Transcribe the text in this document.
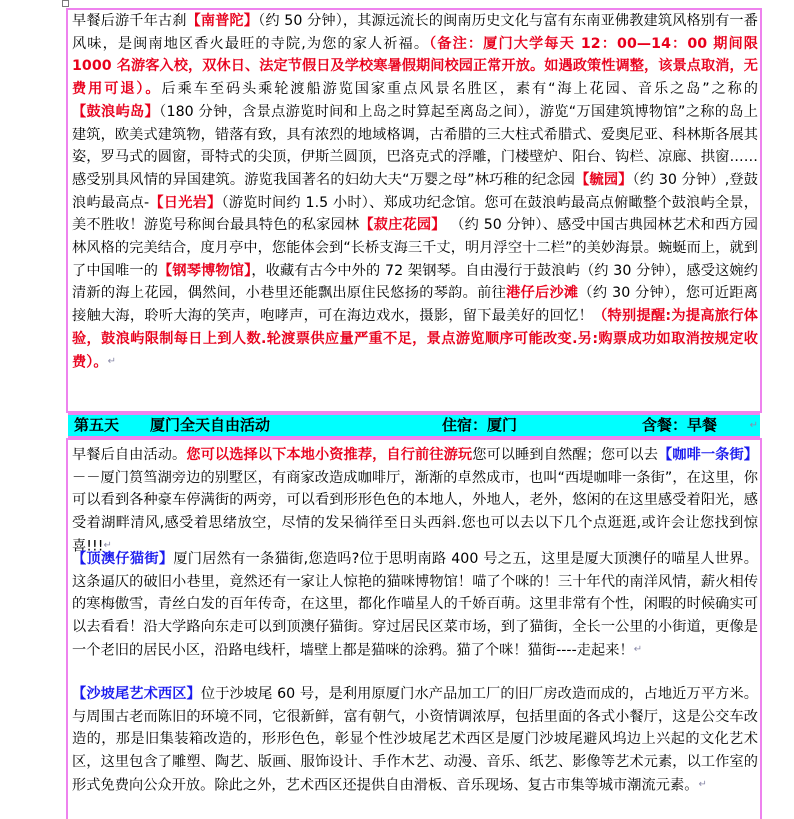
早餐后游千年古刹【南普陀】（约 50 分钟），其源远流长的闽南历史文化与富有东南亚佛教建筑风格别有一番风味，是闽南地区香火最旺的寺院,为您的家人祈福。（备注：厦门大学每天 12：00—14：00 期间限 1000 名游客入校，双休日、法定节假日及学校寒暑假期间校园正常开放。如遇政策性调整，该景点取消，无费用可退）。后乘车至码头乘轮渡船游览国家重点风景名胜区，素有“海上花园、音乐之岛”之称的【鼓浪屿岛】（180 分钟，含景点游览时间和上岛之时算起至离岛之间），游览“万国建筑博物馆”之称的岛上建筑，欧美式建筑物，错落有致，具有浓烈的地域格调，古希腊的三大柱式希腊式、爱奥尼亚、科林斯各展其姿，罗马式的圆窗，哥特式的尖顶，伊斯兰圆顶，巴洛克式的浮雕，门楼壁炉、阳台、钩栏、凉廊、拱窗……感受别具风情的异国建筑。游览我国著名的妇幼大夫“万婴之母”林巧稚的纪念园【毓园】（约 30 分钟）,登鼓浪屿最高点-【日光岩】（游览时间约 1.5 小时）、郑成功纪念馆。您可在鼓浪屿最高点俯瞰整个鼓浪屿全景，美不胜收！游览号称闽台最具特色的私家园林【菽庄花园】 （约 50 分钟）、感受中国古典园林艺术和西方园林风格的完美结合，度月亭中，您能体会到“长桥支海三千丈，明月浮空十二栏”的美妙海景。蜿蜒而上，就到了中国唯一的【钢琴博物馆】，收藏有古今中外的 72 架钢琴。自由漫行于鼓浪屿（约 30 分钟），感受这婉约清新的海上花园，偶然间，小巷里还能飘出原住民悠扬的琴韵。前往港仔后沙滩（约 30 分钟），您可近距离接触大海，聆听大海的笑声，咆哮声，可在海边戏水，摄影，留下最美好的回忆！（特别提醒:为提高旅行体验，鼓浪屿限制每日上到人数.轮渡票供应量严重不足，景点游览顺序可能改变.另:购票成功如取消按规定收费）。↵

第五天 厦门全天自由活动	住宿：厦门	含餐：早餐	↵

早餐后自由活动。您可以选择以下本地小资推荐，自行前往游玩您可以睡到自然醒；您可以去【咖啡一条街】－－厦门筼筜湖旁边的别墅区，有商家改造成咖啡厅，渐渐的卓然成市，也叫“西堤咖啡一条街”，在这里，你可以看到各种豪车停满街的两旁，可以看到形形色色的本地人，外地人，老外，悠闲的在这里感受着阳光，感受着湖畔清风,感受着思绪放空，尽情的发呆徜徉至日头西斜.您也可以去以下几个点逛逛,或许会让您找到惊喜!!!↵

【顶澳仔猫街】厦门居然有一条猫街,您造吗?位于思明南路 400 号之五，这里是厦大顶澳仔的喵星人世界。这条逼仄的破旧小巷里，竟然还有一家让人惊艳的猫咪博物馆！喵了个咪的！三十年代的南洋风情，薪火相传的寒梅傲雪，青丝白发的百年传奇，在这里，都化作喵星人的千娇百萌。这里非常有个性，闲暇的时候确实可以去看看！沿大学路向东走可以到顶澳仔猫街。穿过居民区菜市场，到了猫街，全长一公里的小街道，更像是一个老旧的居民小区，沿路电线杆，墙壁上都是猫咪的涂鸦。猫了个咪！猫街----走起来！↵

【沙坡尾艺术西区】位于沙坡尾 60 号，是利用原厦门水产品加工厂的旧厂房改造而成的，占地近万平方米。与周围古老而陈旧的环境不同，它很新鲜，富有朝气，小资情调浓厚，包括里面的各式小餐厅，这是公交车改造的，那是旧集装箱改造的，形形色色，彰显个性沙坡尾艺术西区是厦门沙坡尾避风坞边上兴起的文化艺术区，这里包含了雕塑、陶艺、版画、服饰设计、手作木艺、动漫、音乐、纸艺、影像等艺术元素，以工作室的形式免费向公众开放。除此之外，艺术西区还提供自由滑板、音乐现场、复古市集等城市潮流元素。↵
